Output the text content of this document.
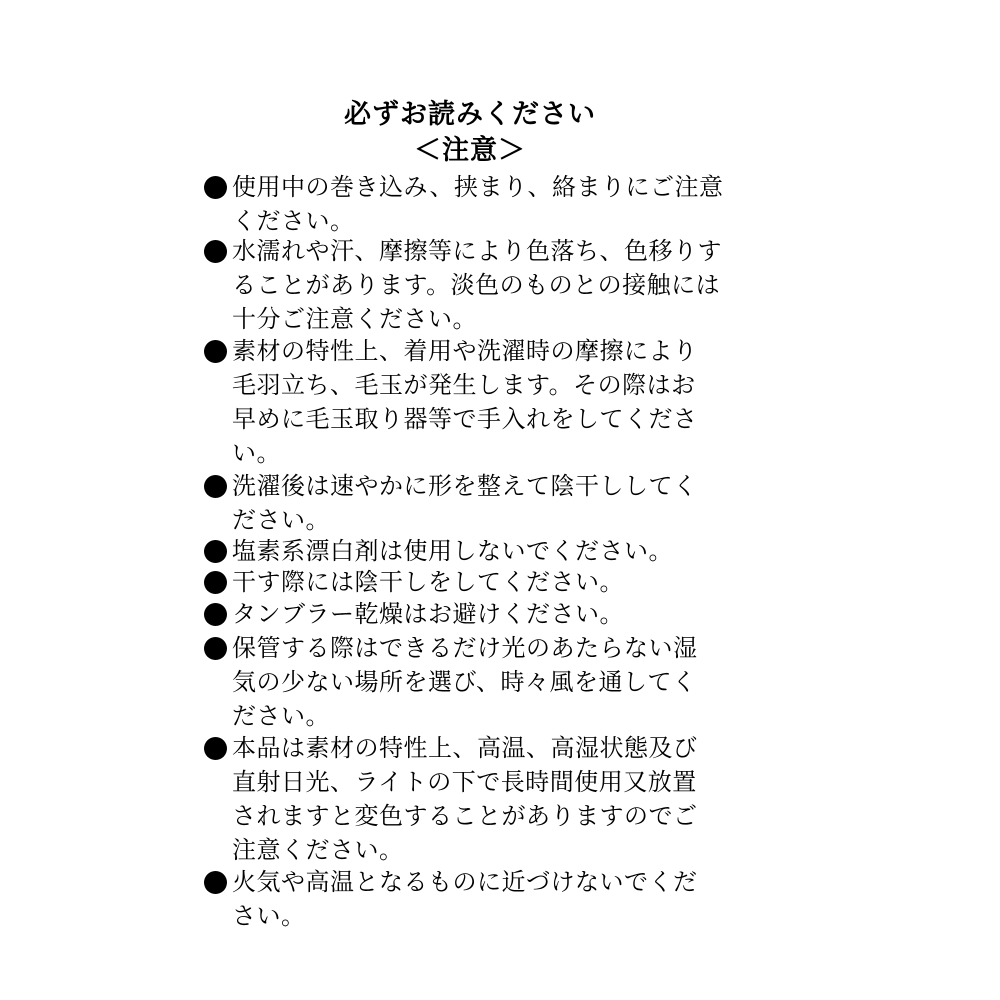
必ずお読みください
＜注意＞
使用中の巻き込み、挟まり、絡まりにご注意
ください。
水濡れや汗、摩擦等により色落ち、色移りす
ることがあります。淡色のものとの接触には
十分ご注意ください。
素材の特性上、着用や洗濯時の摩擦により
毛羽立ち、毛玉が発生します。その際はお
早めに毛玉取り器等で手入れをしてくださ
い。
洗濯後は速やかに形を整えて陰干ししてく
ださい。
塩素系漂白剤は使用しないでください。
干す際には陰干しをしてください。
タンブラー乾燥はお避けください。
保管する際はできるだけ光のあたらない湿
気の少ない場所を選び、時々風を通してく
ださい。
本品は素材の特性上、高温、高湿状態及び
直射日光、ライトの下で長時間使用又放置
されますと変色することがありますのでご
注意ください。
火気や高温となるものに近づけないでくだ
さい。
